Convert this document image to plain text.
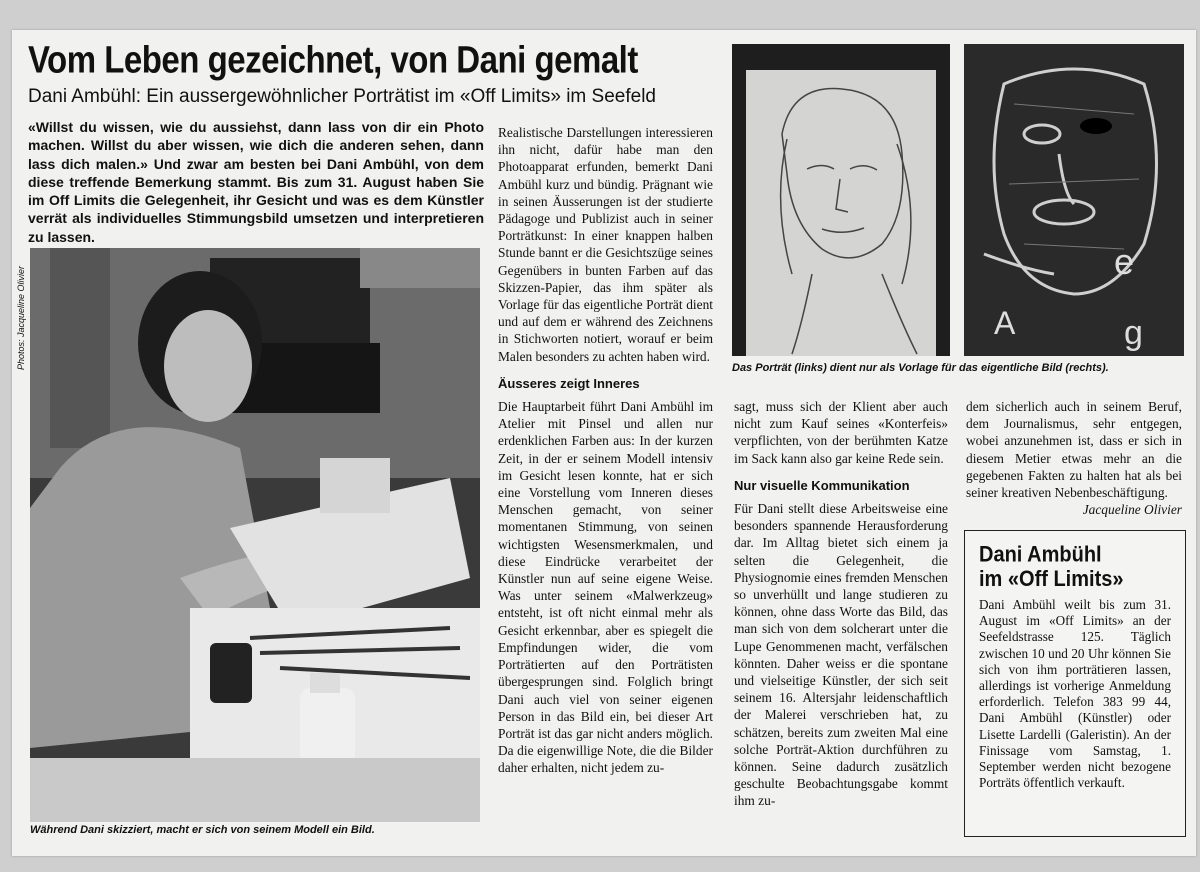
Vom Leben gezeichnet, von Dani gemalt
Dani Ambühl: Ein aussergewöhnlicher Porträtist im «Off Limits» im Seefeld
«Willst du wissen, wie du aussiehst, dann lass von dir ein Photo machen. Willst du aber wissen, wie dich die anderen sehen, dann lass dich malen.» Und zwar am besten bei Dani Ambühl, von dem diese treffende Bemerkung stammt. Bis zum 31. August haben Sie im Off Limits die Gelegenheit, ihr Gesicht und was es dem Künstler verrät als individuelles Stimmungsbild umsetzen und interpretieren zu lassen.
Photos: Jacqueline Olivier
Während Dani skizziert, macht er sich von seinem Modell ein Bild.
e
A	g
Das Porträt (links) dient nur als Vorlage für das eigentliche Bild (rechts).

Realistische Darstellungen interessieren ihn nicht, dafür habe man den Photoapparat erfunden, bemerkt Dani Ambühl kurz und bündig. Prägnant wie in seinen Äusserungen ist der studierte Pädagoge und Publizist auch in seiner Porträtkunst: In einer knappen halben Stunde bannt er die Gesichtszüge seines Gegenübers in bunten Farben auf das Skizzen-Papier, das ihm später als Vorlage für das eigentliche Porträt dient und auf dem er während des Zeichnens in Stichworten notiert, worauf er beim Malen besonders zu achten haben wird.

Äusseres zeigt Inneres

Die Hauptarbeit führt Dani Ambühl im Atelier mit Pinsel und allen nur erdenklichen Farben aus: In der kurzen Zeit, in der er seinem Modell intensiv im Gesicht lesen konnte, hat er sich eine Vorstellung vom Inneren dieses Menschen gemacht, von seiner momentanen Stimmung, von seinen wichtigsten Wesensmerkmalen, und diese Eindrücke verarbeitet der Künstler nun auf seine eigene Weise. Was unter seinem «Malwerkzeug» entsteht, ist oft nicht einmal mehr als Gesicht erkennbar, aber es spiegelt die Empfindungen wider, die vom Porträtierten auf den Porträtisten übergesprungen sind. Folglich bringt Dani auch viel von seiner eigenen Person in das Bild ein, bei dieser Art Porträt ist das gar nicht anders möglich. Da die eigenwillige Note, die die Bilder daher erhalten, nicht jedem zu-

sagt, muss sich der Klient aber auch nicht zum Kauf seines «Konterfeis» verpflichten, von der berühmten Katze im Sack kann also gar keine Rede sein.

Nur visuelle Kommunikation

Für Dani stellt diese Arbeitsweise eine besonders spannende Herausforderung dar. Im Alltag bietet sich einem ja selten die Gelegenheit, die Physiognomie eines fremden Menschen so unverhüllt und lange studieren zu können, ohne dass Worte das Bild, das man sich von dem solcherart unter die Lupe Genommenen macht, verfälschen könnten. Daher weiss er die spontane und vielseitige Künstler, der sich seit seinem 16. Altersjahr leidenschaftlich der Malerei verschrieben hat, zu schätzen, bereits zum zweiten Mal eine solche Porträt-Aktion durchführen zu können. Seine dadurch zusätzlich geschulte Beobachtungsgabe kommt ihm zu-

dem sicherlich auch in seinem Beruf, dem Journalismus, sehr entgegen, wobei anzunehmen ist, dass er sich in diesem Metier etwas mehr an die gegebenen Fakten zu halten hat als bei seiner kreativen Nebenbeschäftigung.

Jacqueline Olivier
Dani Ambühl
im «Off Limits»

Dani Ambühl weilt bis zum 31. August im «Off Limits» an der Seefeldstrasse 125. Täglich zwischen 10 und 20 Uhr können Sie sich von ihm porträtieren lassen, allerdings ist vorherige Anmeldung erforderlich. Telefon 383 99 44, Dani Ambühl (Künstler) oder Lisette Lardelli (Galeristin). An der Finissage vom Samstag, 1. September werden nicht bezogene Porträts öffentlich verkauft.
